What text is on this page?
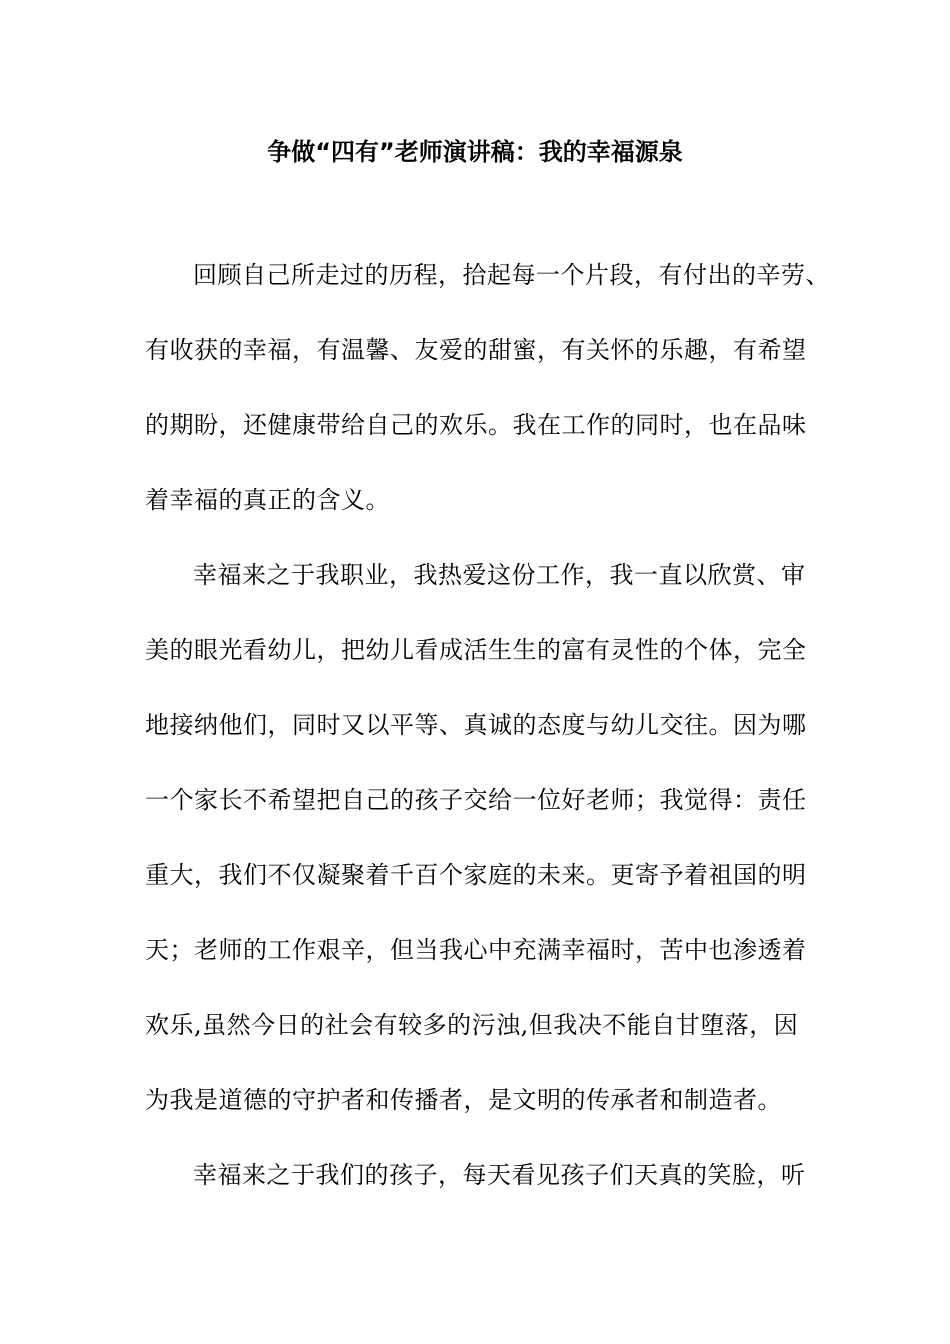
争做“四有”老师演讲稿：我的幸福源泉

回顾自己所走过的历程，拾起每一个片段，有付出的辛劳、

有收获的幸福，有温馨、友爱的甜蜜，有关怀的乐趣，有希望

的期盼，还健康带给自己的欢乐。我在工作的同时，也在品味

着幸福的真正的含义。

幸福来之于我职业，我热爱这份工作，我一直以欣赏、审

美的眼光看幼儿，把幼儿看成活生生的富有灵性的个体，完全

地接纳他们，同时又以平等、真诚的态度与幼儿交往。因为哪

一个家长不希望把自己的孩子交给一位好老师；我觉得：责任

重大，我们不仅凝聚着千百个家庭的未来。更寄予着祖国的明

天；老师的工作艰辛，但当我心中充满幸福时，苦中也渗透着

欢乐,虽然今日的社会有较多的污浊,但我决不能自甘堕落，因

为我是道德的守护者和传播者，是文明的传承者和制造者。

幸福来之于我们的孩子，每天看见孩子们天真的笑脸，听
